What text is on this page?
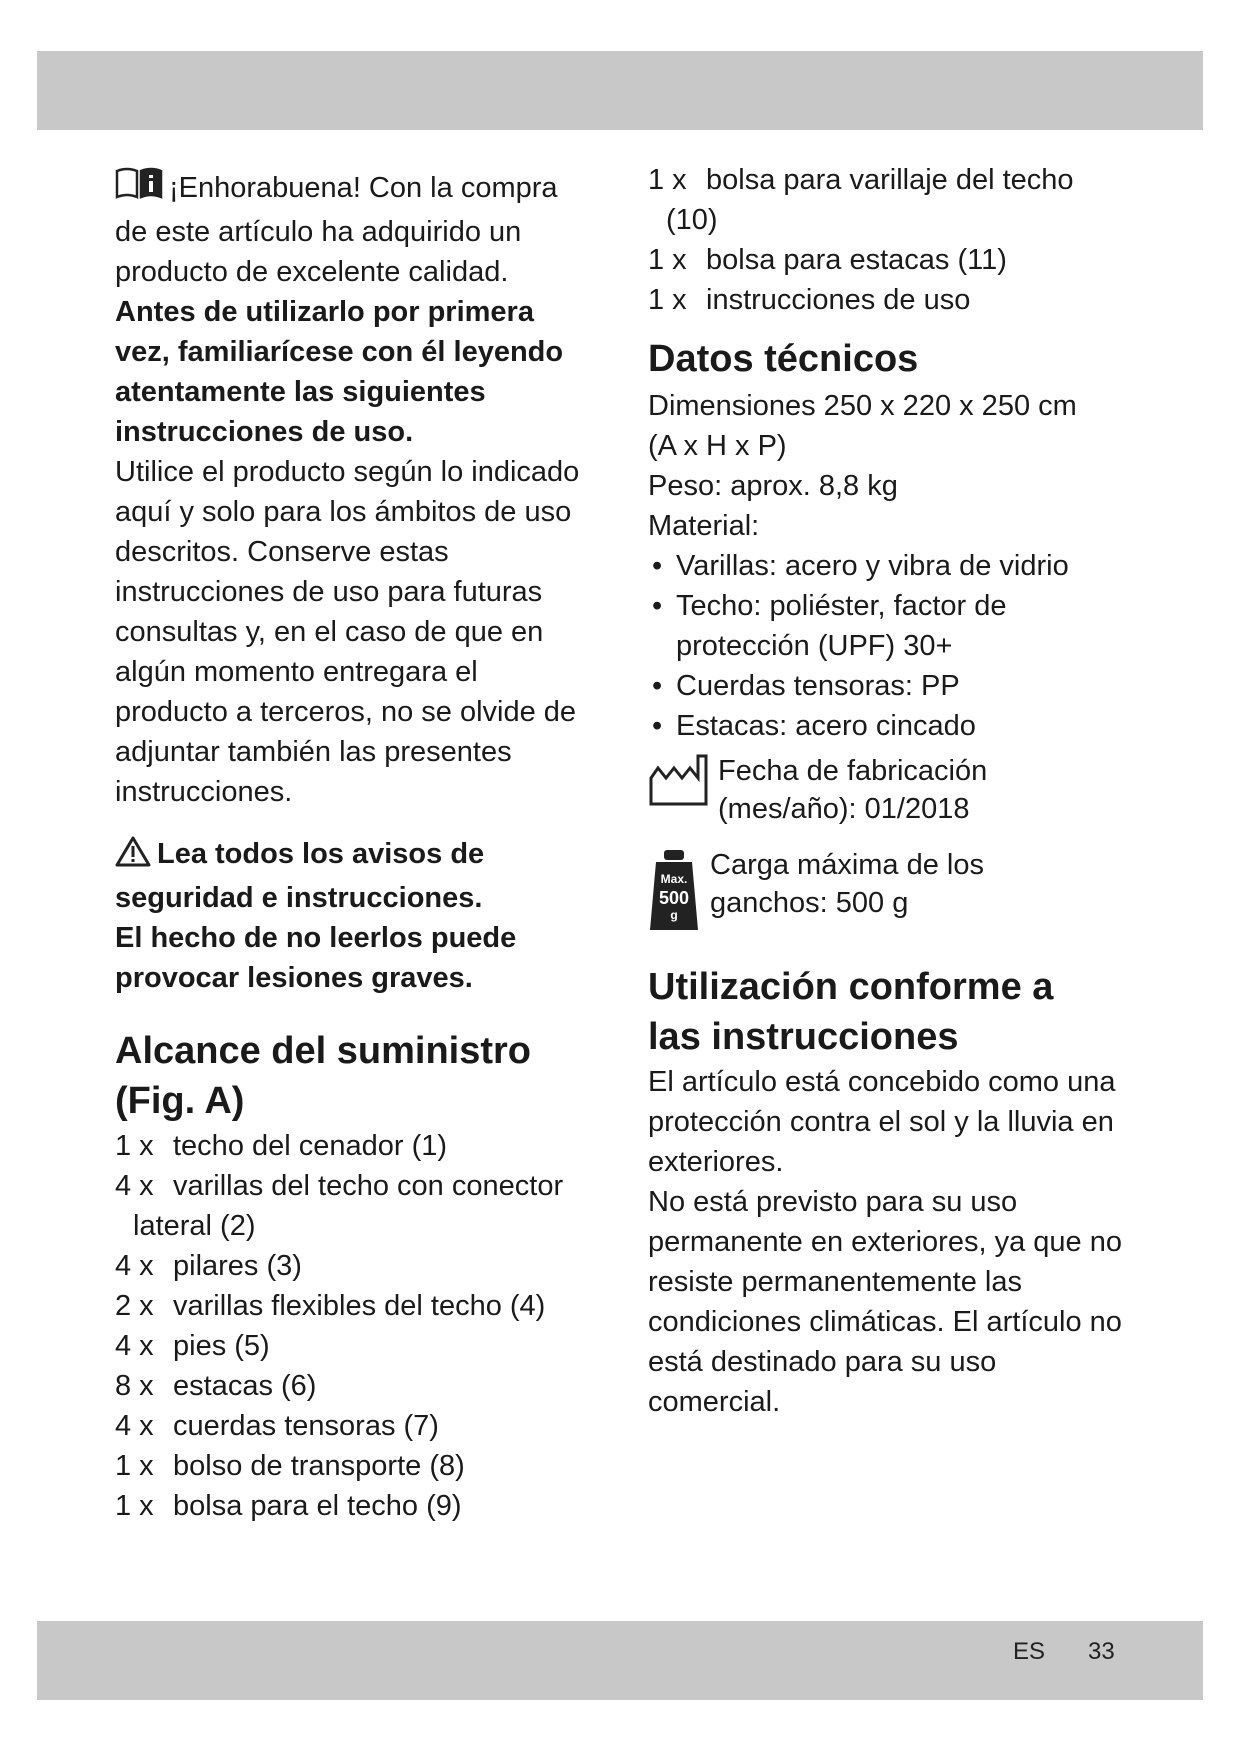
¡Enhorabuena! Con la compra de este artículo ha adquirido un producto de excelente calidad.

Antes de utilizarlo por primera vez, familiarícese con él leyendo atentamente las siguientes instrucciones de uso.

Utilice el producto según lo indicado aquí y solo para los ámbitos de uso descritos. Conserve estas instrucciones de uso para futuras consultas y, en el caso de que en algún momento entregara el producto a terceros, no se olvide de adjuntar también las presentes instrucciones.

Lea todos los avisos de

seguridad e instrucciones.

El hecho de no leerlos puede

provocar lesiones graves.

Alcance del suministro

(Fig. A)

1 x techo del cenador (1)
4 x varillas del techo con conector
lateral (2)
4 x pilares (3)
2 x varillas flexibles del techo (4)
4 x pies (5)
8 x estacas (6)
4 x cuerdas tensoras (7)
1 x bolso de transporte (8)
1 x bolsa para el techo (9)
1 x bolsa para varillaje del techo
(10)
1 x bolsa para estacas (11)
1 x instrucciones de uso

Datos técnicos

Dimensiones 250 x 220 x 250 cm

(A x H x P)

Peso: aprox. 8,8 kg

Material:

• Varillas: acero y vibra de vidrio
• Techo: poliéster, factor de protección (UPF) 30+
• Cuerdas tensoras: PP
• Estacas: acero cincado
Fecha de fabricación
(mes/año): 01/2018
Max.
500
g
Carga máxima de los
ganchos: 500 g

Utilización conforme a

las instrucciones

El artículo está concebido como una protección contra el sol y la lluvia en exteriores.

No está previsto para su uso permanente en exteriores, ya que no resiste permanentemente las condiciones climáticas. El artículo no está destinado para su uso comercial.

ES 33
